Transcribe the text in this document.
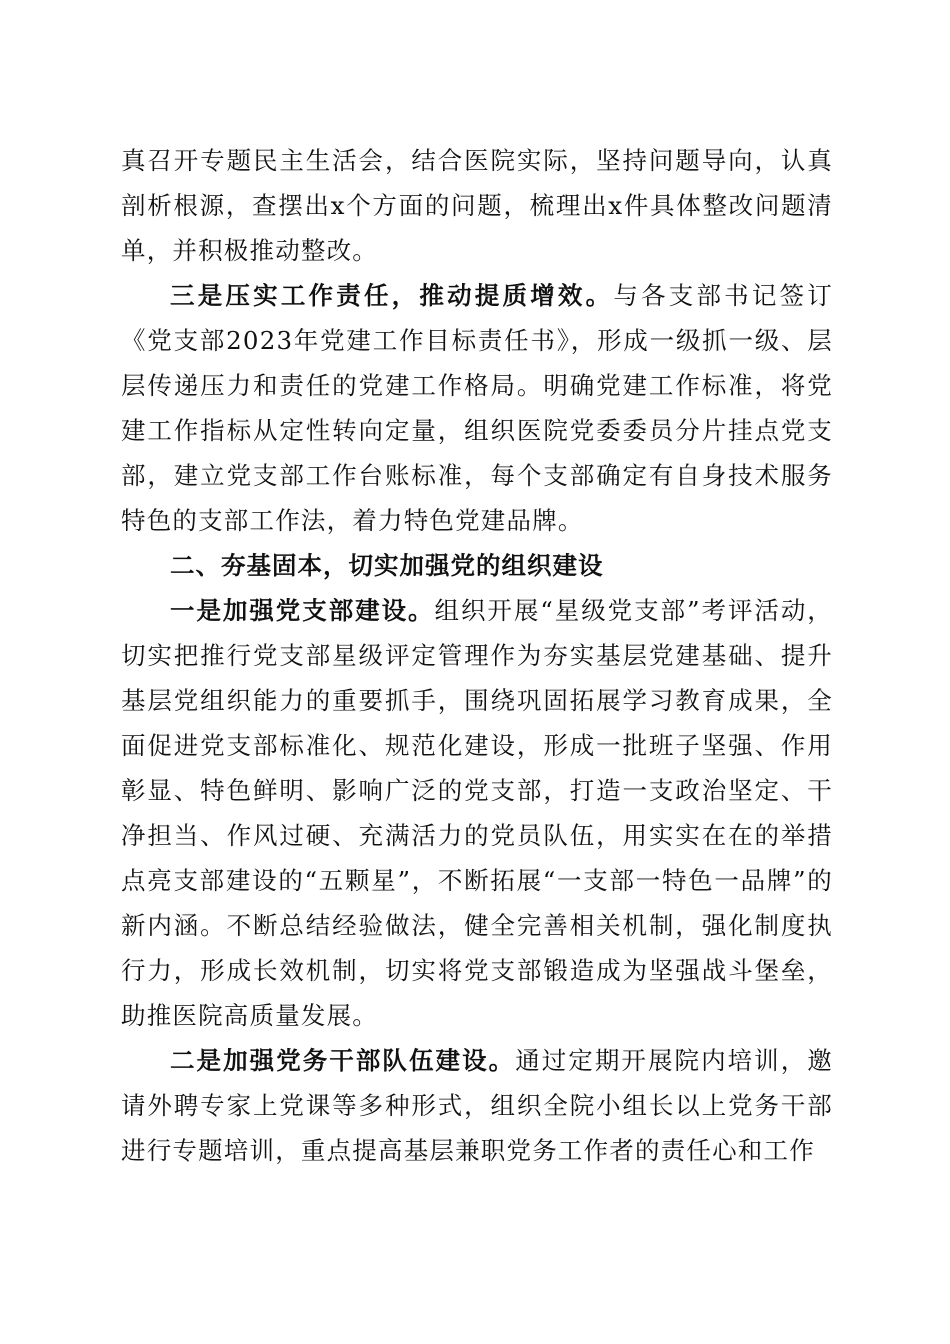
真召开专题民主生活会，结合医院实际，坚持问题导向，认真剖析根源，查摆出x个方面的问题，梳理出x件具体整改问题清单，并积极推动整改。

三是压实工作责任，推动提质增效。与各支部书记签订《党支部2023年党建工作目标责任书》，形成一级抓一级、层层传递压力和责任的党建工作格局。明确党建工作标准，将党建工作指标从定性转向定量，组织医院党委委员分片挂点党支部，建立党支部工作台账标准，每个支部确定有自身技术服务特色的支部工作法，着力特色党建品牌。

二、夯基固本，切实加强党的组织建设

一是加强党支部建设。组织开展“星级党支部”考评活动，切实把推行党支部星级评定管理作为夯实基层党建基础、提升基层党组织能力的重要抓手，围绕巩固拓展学习教育成果，全面促进党支部标准化、规范化建设，形成一批班子坚强、作用彰显、特色鲜明、影响广泛的党支部，打造一支政治坚定、干净担当、作风过硬、充满活力的党员队伍，用实实在在的举措点亮支部建设的“五颗星”，不断拓展“一支部一特色一品牌”的新内涵。不断总结经验做法，健全完善相关机制，强化制度执行力，形成长效机制，切实将党支部锻造成为坚强战斗堡垒，助推医院高质量发展。

二是加强党务干部队伍建设。通过定期开展院内培训，邀请外聘专家上党课等多种形式，组织全院小组长以上党务干部进行专题培训，重点提高基层兼职党务工作者的责任心和工作
